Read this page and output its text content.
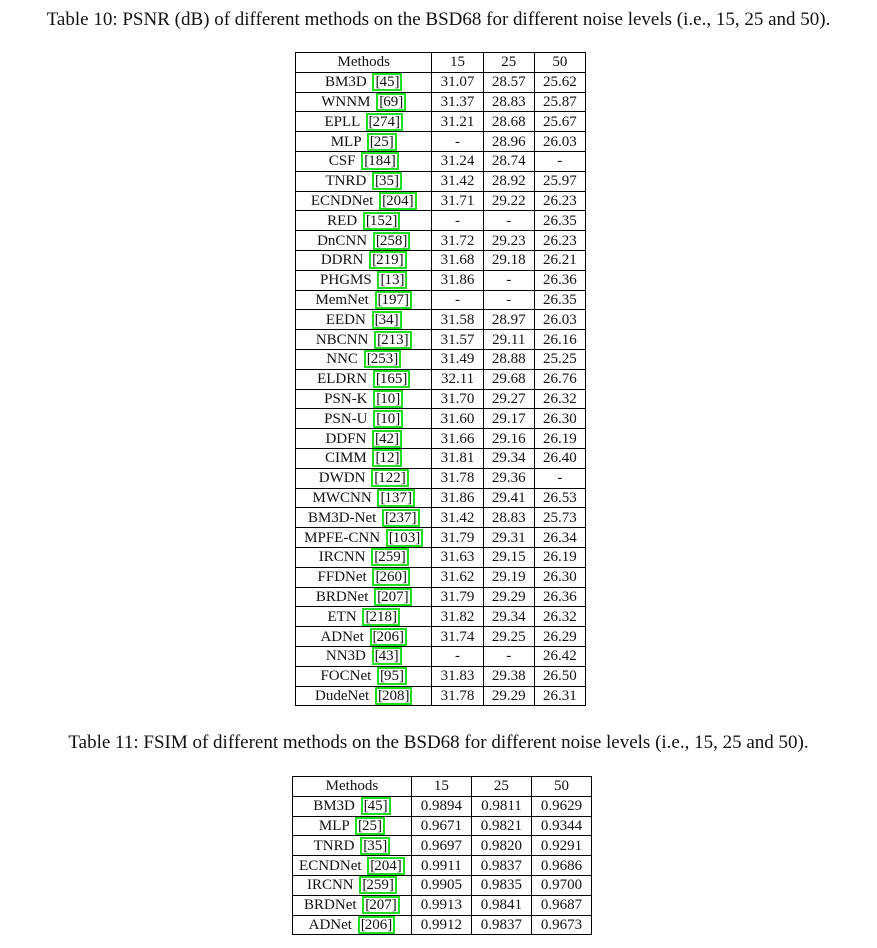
Table 10: PSNR (dB) of different methods on the BSD68 for different noise levels (i.e., 15, 25 and 50).
Methods	15	25	50
BM3D [ 45]	31.07	28.57	25.62
WNNM [ 69]	31.37	28.83	25.87
EPLL [ 274]	31.21	28.68	25.67
MLP [ 25]	-	28.96	26.03
CSF [ 184]	31.24	28.74	-
TNRD [ 35]	31.42	28.92	25.97
ECNDNet [ 204]	31.71	29.22	26.23
RED [ 152]	-	-	26.35
DnCNN [ 258]	31.72	29.23	26.23
DDRN [ 219]	31.68	29.18	26.21
PHGMS [ 13]	31.86	-	26.36
MemNet [ 197]	-	-	26.35
EEDN [ 34]	31.58	28.97	26.03
NBCNN [ 213]	31.57	29.11	26.16
NNC [ 253]	31.49	28.88	25.25
ELDRN [ 165]	32.11	29.68	26.76
PSN-K [ 10]	31.70	29.27	26.32
PSN-U [ 10]	31.60	29.17	26.30
DDFN [ 42]	31.66	29.16	26.19
CIMM [ 12]	31.81	29.34	26.40
DWDN [ 122]	31.78	29.36	-
MWCNN [ 137]	31.86	29.41	26.53
BM3D-Net [ 237]	31.42	28.83	25.73
MPFE-CNN [ 103]	31.79	29.31	26.34
IRCNN [ 259]	31.63	29.15	26.19
FFDNet [ 260]	31.62	29.19	26.30
BRDNet [ 207]	31.79	29.29	26.36
ETN [ 218]	31.82	29.34	26.32
ADNet [ 206]	31.74	29.25	26.29
NN3D [ 43]	-	-	26.42
FOCNet [ 95]	31.83	29.38	26.50
DudeNet [ 208]	31.78	29.29	26.31
Table 11: FSIM of different methods on the BSD68 for different noise levels (i.e., 15, 25 and 50).
Methods	15	25	50
BM3D [ 45]	0.9894	0.9811	0.9629
MLP [ 25]	0.9671	0.9821	0.9344
TNRD [ 35]	0.9697	0.9820	0.9291
ECNDNet [ 204]	0.9911	0.9837	0.9686
IRCNN [ 259]	0.9905	0.9835	0.9700
BRDNet [ 207]	0.9913	0.9841	0.9687
ADNet [ 206]	0.9912	0.9837	0.9673
